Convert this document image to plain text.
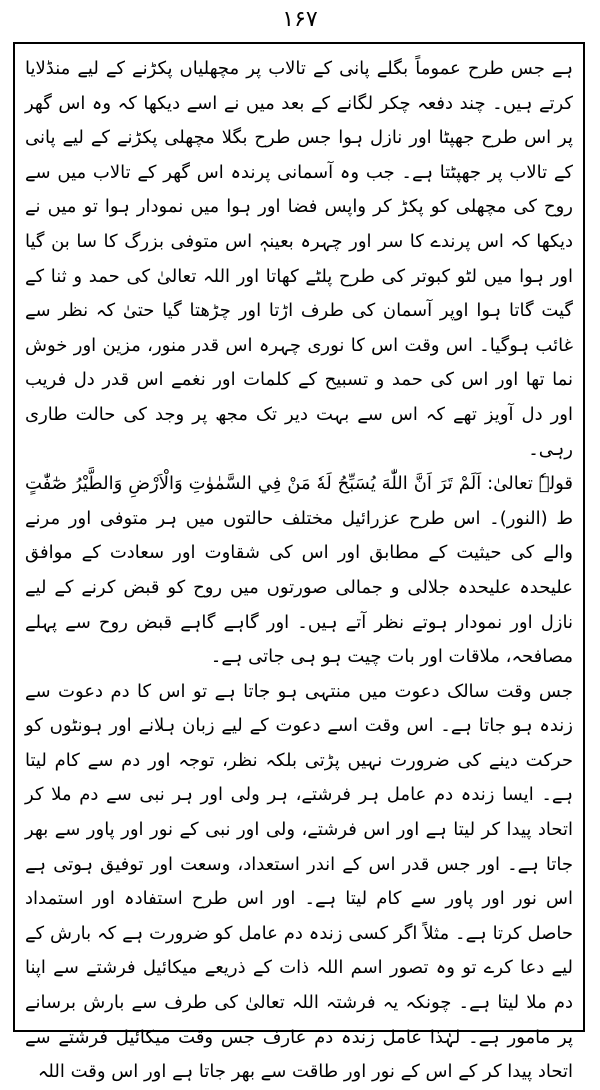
۱۶۷

ہے جس طرح عموماً بگلے پانی کے تالاب پر مچھلیاں پکڑنے کے لیے منڈلایا کرتے ہیں۔ چند دفعہ چکر لگانے کے بعد میں نے اسے دیکھا کہ وہ اس گھر پر اس طرح جھپٹا اور نازل ہوا جس طرح بگلا مچھلی پکڑنے کے لیے پانی کے تالاب پر جھپٹتا ہے۔ جب وہ آسمانی پرندہ اس گھر کے تالاب میں سے روح کی مچھلی کو پکڑ کر واپس فضا اور ہوا میں نمودار ہوا تو میں نے دیکھا کہ اس پرندے کا سر اور چہرہ بعینہٖ اس متوفی بزرگ کا سا بن گیا اور ہوا میں لٹو کبوتر کی طرح پلٹے کھاتا اور اللہ تعالیٰ کی حمد و ثنا کے گیت گاتا ہوا اوپر آسمان کی طرف اڑتا اور چڑھتا گیا حتیٰ کہ نظر سے غائب ہوگیا۔ اس وقت اس کا نوری چہرہ اس قدر منور، مزین اور خوش نما تھا اور اس کی حمد و تسبیح کے کلمات اور نغمے اس قدر دل فریب اور دل آویز تھے کہ اس سے بہت دیر تک مجھ پر وجد کی حالت طاری رہی۔

قولہٗ تعالیٰ: اَلَمْ تَرَ اَنَّ اللّٰهَ يُسَبِّحُ لَهٗ مَنْ فِي السَّمٰوٰتِ وَالْاَرْضِ وَالطَّيْرُ صٰٓفّٰتٍ ط (النور)۔ اس طرح عزرائیل مختلف حالتوں میں ہر متوفی اور مرنے والے کی حیثیت کے مطابق اور اس کی شقاوت اور سعادت کے موافق علیحدہ علیحدہ جلالی و جمالی صورتوں میں روح کو قبض کرنے کے لیے نازل اور نمودار ہوتے نظر آتے ہیں۔ اور گاہے گاہے قبض روح سے پہلے مصافحہ، ملاقات اور بات چیت ہو ہی جاتی ہے۔

جس وقت سالک دعوت میں منتہی ہو جاتا ہے تو اس کا دم دعوت سے زندہ ہو جاتا ہے۔ اس وقت اسے دعوت کے لیے زبان ہلانے اور ہونٹوں کو حرکت دینے کی ضرورت نہیں پڑتی بلکہ نظر، توجہ اور دم سے کام لیتا ہے۔ ایسا زندہ دم عامل ہر فرشتے، ہر ولی اور ہر نبی سے دم ملا کر اتحاد پیدا کر لیتا ہے اور اس فرشتے، ولی اور نبی کے نور اور پاور سے بھر جاتا ہے۔ اور جس قدر اس کے اندر استعداد، وسعت اور توفیق ہوتی ہے اس نور اور پاور سے کام لیتا ہے۔ اور اس طرح استفادہ اور استمداد حاصل کرتا ہے۔ مثلاً اگر کسی زندہ دم عامل کو ضرورت ہے کہ بارش کے لیے دعا کرے تو وہ تصور اسم اللہ ذات کے ذریعے میکائیل فرشتے سے اپنا دم ملا لیتا ہے۔ چونکہ یہ فرشتہ اللہ تعالیٰ کی طرف سے بارش برسانے پر مامور ہے۔ لہٰذا عامل زندہ دم عارف جس وقت میکائیل فرشتے سے اتحاد پیدا کر کے اس کے نور اور طاقت سے بھر جاتا ہے اور اس وقت اللہ
